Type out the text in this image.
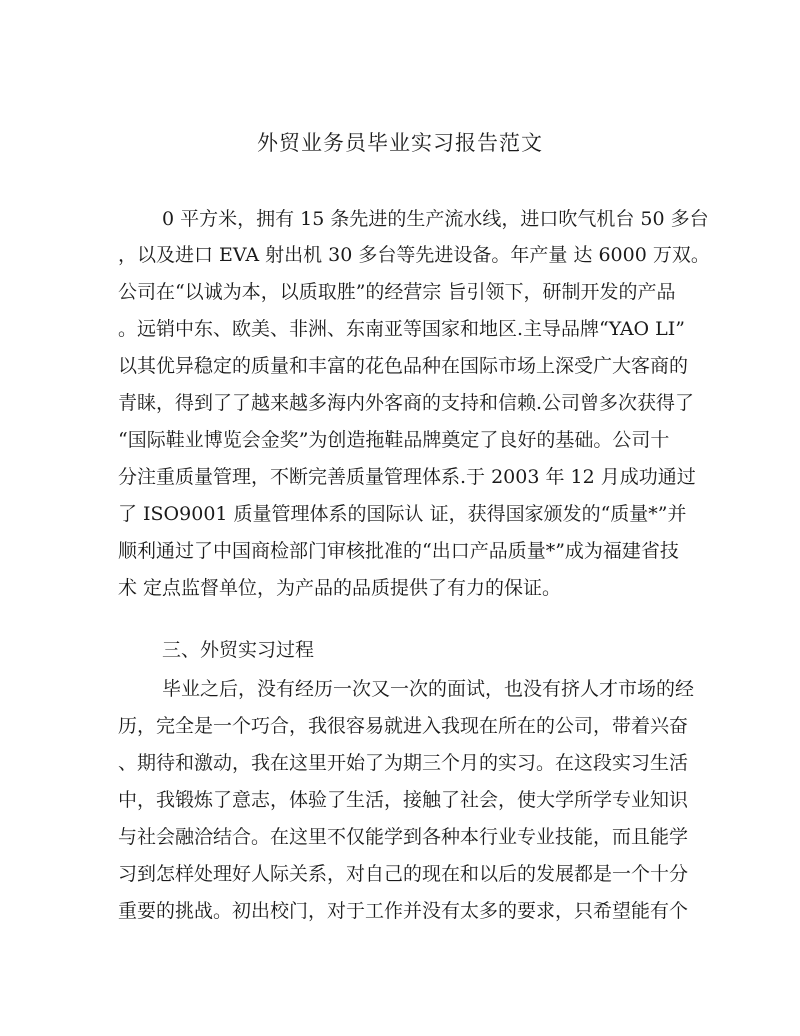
外贸业务员毕业实习报告范文
0 平方米，拥有 15 条先进的生产流水线，进口吹气机台 50 多台
，以及进口 EVA 射出机 30 多台等先进设备。年产量 达 6000 万双。
公司在“以诚为本，以质取胜”的经营宗 旨引领下，研制开发的产品
。远销中东、欧美、非洲、东南亚等国家和地区.主导品牌“YAO LI”
以其优异稳定的质量和丰富的花色品种在国际市场上深受广大客商的
青睐，得到了了越来越多海内外客商的支持和信赖.公司曾多次获得了
“国际鞋业博览会金奖”为创造拖鞋品牌奠定了良好的基础。公司十
分注重质量管理，不断完善质量管理体系.于 2003 年 12 月成功通过
了 ISO9001 质量管理体系的国际认 证，获得国家颁发的“质量*”并
顺利通过了中国商检部门审核批准的“出口产品质量*”成为福建省技
术 定点监督单位，为产品的品质提供了有力的保证。
三、外贸实习过程
毕业之后，没有经历一次又一次的面试，也没有挤人才市场的经
历，完全是一个巧合，我很容易就进入我现在所在的公司，带着兴奋
、期待和激动，我在这里开始了为期三个月的实习。在这段实习生活
中，我锻炼了意志，体验了生活，接触了社会，使大学所学专业知识
与社会融洽结合。在这里不仅能学到各种本行业专业技能，而且能学
习到怎样处理好人际关系，对自己的现在和以后的发展都是一个十分
重要的挑战。初出校门，对于工作并没有太多的要求，只希望能有个
